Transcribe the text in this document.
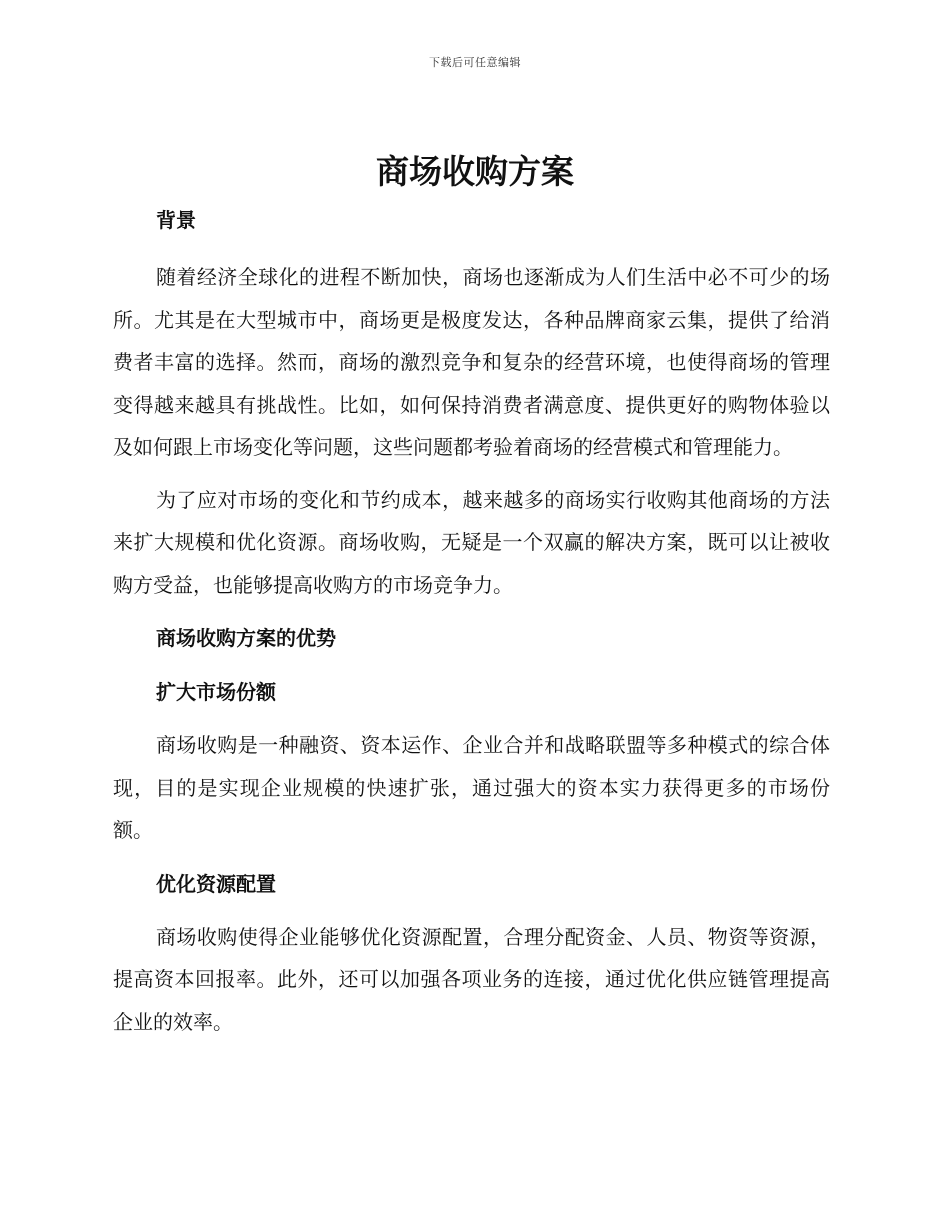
下载后可任意编辑
商场收购方案
背景

随着经济全球化的进程不断加快，商场也逐渐成为人们生活中必不可少的场所。尤其是在大型城市中，商场更是极度发达，各种品牌商家云集，提供了给消费者丰富的选择。然而，商场的激烈竞争和复杂的经营环境，也使得商场的管理变得越来越具有挑战性。比如，如何保持消费者满意度、提供更好的购物体验以及如何跟上市场变化等问题，这些问题都考验着商场的经营模式和管理能力。

为了应对市场的变化和节约成本，越来越多的商场实行收购其他商场的方法来扩大规模和优化资源。商场收购，无疑是一个双赢的解决方案，既可以让被收购方受益，也能够提高收购方的市场竞争力。

商场收购方案的优势
扩大市场份额

商场收购是一种融资、资本运作、企业合并和战略联盟等多种模式的综合体现，目的是实现企业规模的快速扩张，通过强大的资本实力获得更多的市场份额。

优化资源配置

商场收购使得企业能够优化资源配置，合理分配资金、人员、物资等资源，提高资本回报率。此外，还可以加强各项业务的连接，通过优化供应链管理提高企业的效率。
